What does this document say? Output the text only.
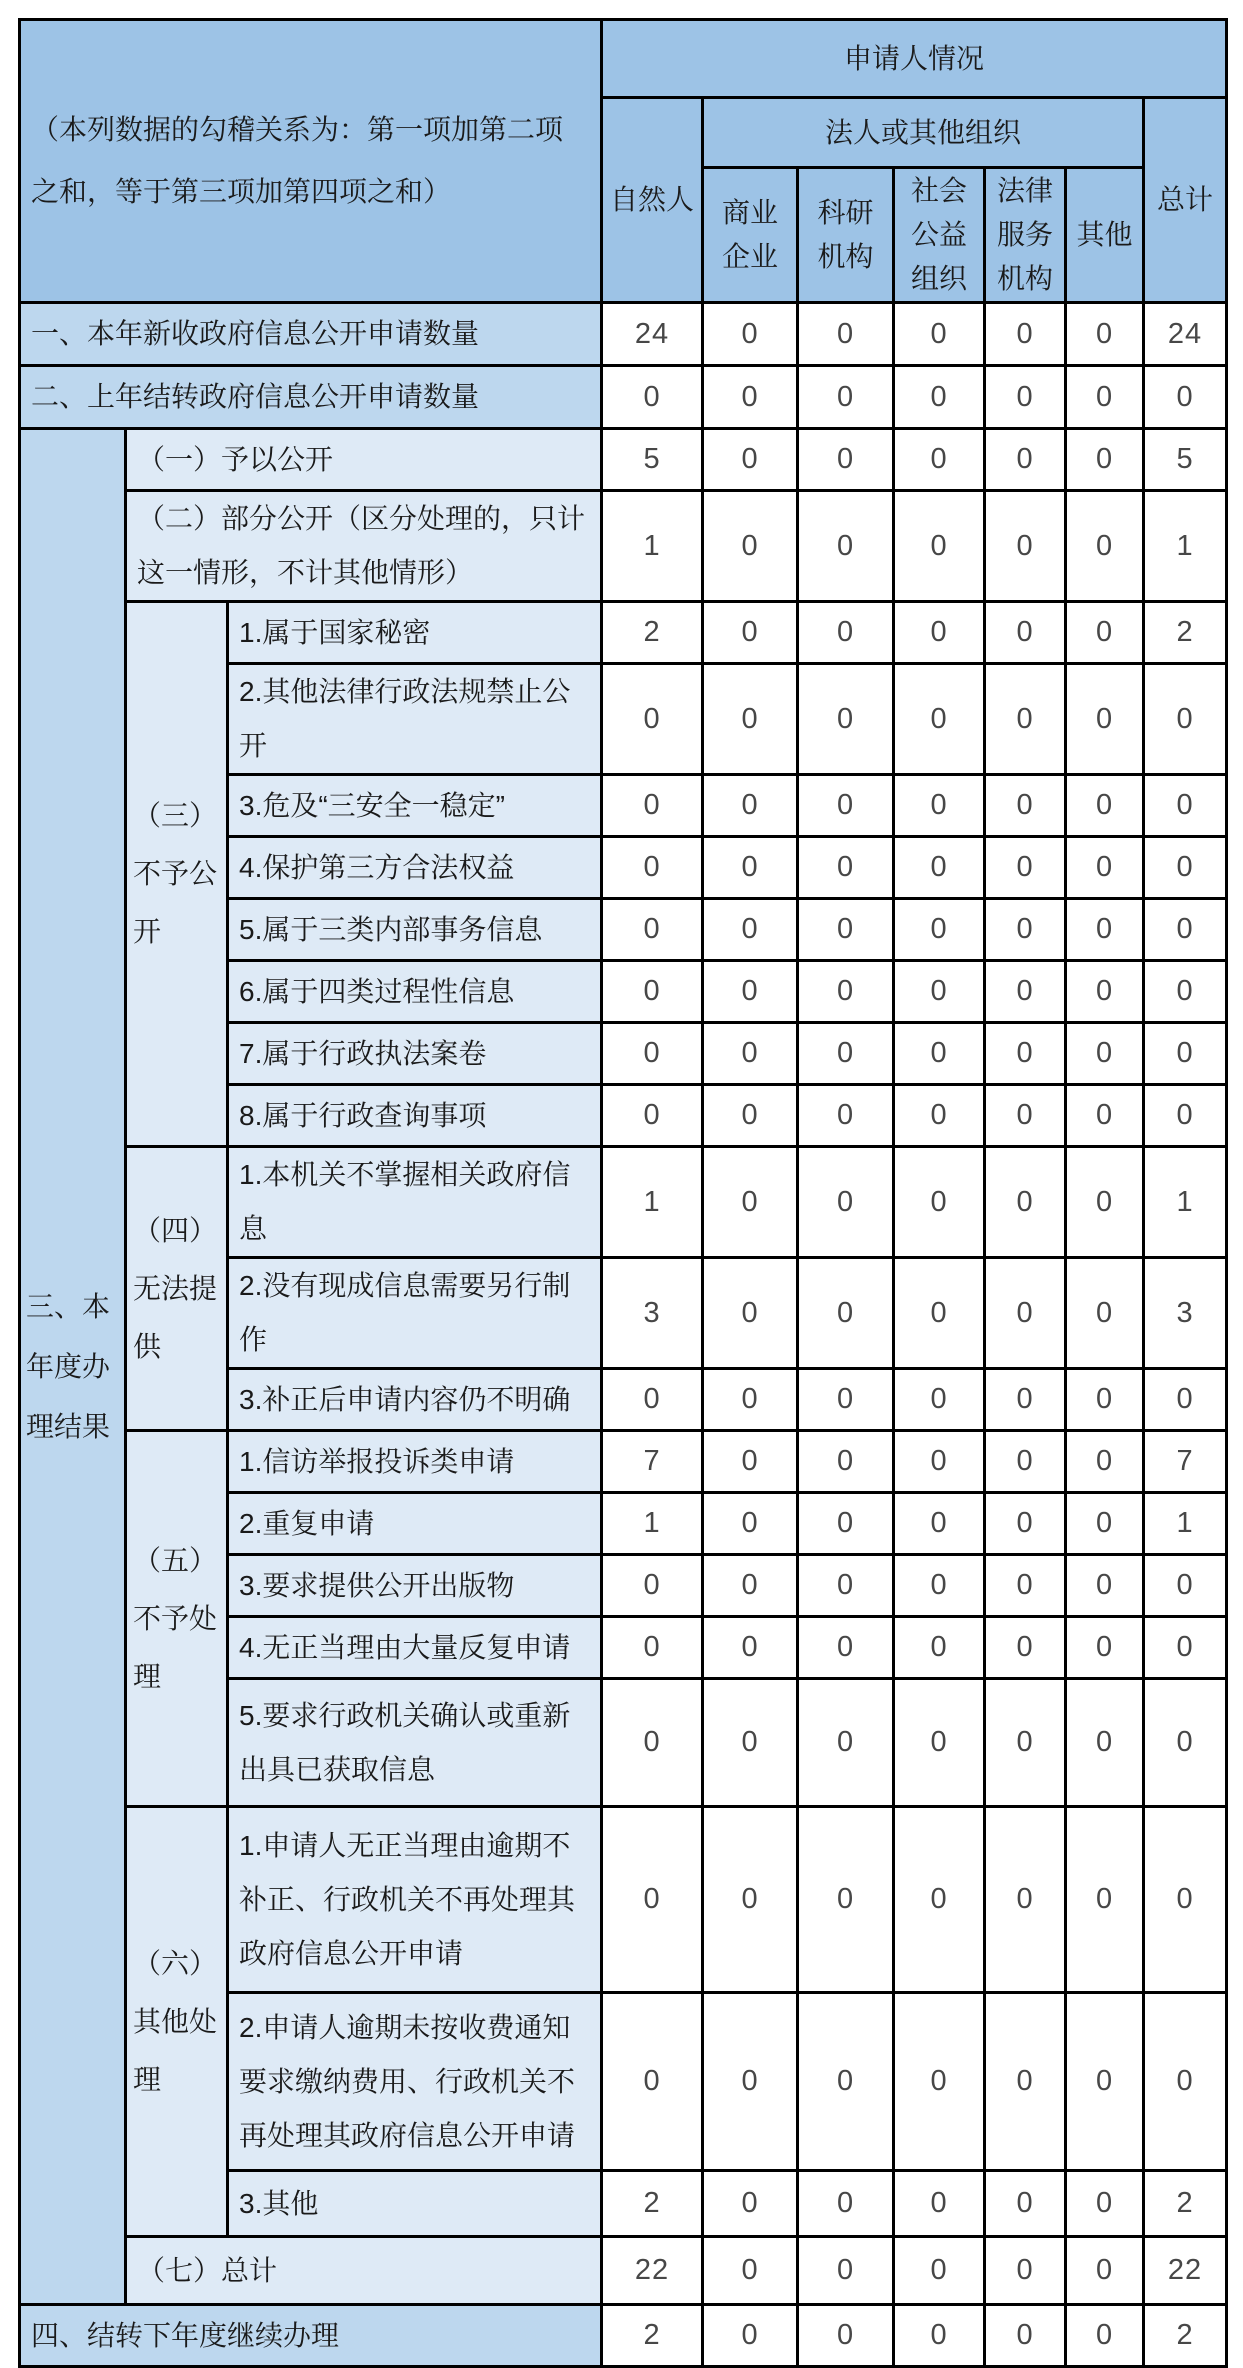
（本列数据的勾稽关系为：第一项加第二项之和，等于第三项加第四项之和）			申请人情况						
			自然人	法人或其他组织					总计
				商业企业	科研机构	社会公益组织	法律服务机构	其他	
一、本年新收政府信息公开申请数量			24	0	0	0	0	0	24
二、上年结转政府信息公开申请数量			0	0	0	0	0	0	0
三、本年度办理结果	（一）予以公开		5	0	0	0	0	0	5
	（二）部分公开（区分处理的，只计这一情形，不计其他情形）		1	0	0	0	0	0	1
	（三）不予公开	1.属于国家秘密	2	0	0	0	0	0	2
		2.其他法律行政法规禁止公开	0	0	0	0	0	0	0
		3.危及“三安全一稳定”	0	0	0	0	0	0	0
		4.保护第三方合法权益	0	0	0	0	0	0	0
		5.属于三类内部事务信息	0	0	0	0	0	0	0
		6.属于四类过程性信息	0	0	0	0	0	0	0
		7.属于行政执法案卷	0	0	0	0	0	0	0
		8.属于行政查询事项	0	0	0	0	0	0	0
	（四）无法提供	1.本机关不掌握相关政府信息	1	0	0	0	0	0	1
		2.没有现成信息需要另行制作	3	0	0	0	0	0	3
		3.补正后申请内容仍不明确	0	0	0	0	0	0	0
	（五）不予处理	1.信访举报投诉类申请	7	0	0	0	0	0	7
		2.重复申请	1	0	0	0	0	0	1
		3.要求提供公开出版物	0	0	0	0	0	0	0
		4.无正当理由大量反复申请	0	0	0	0	0	0	0
		5.要求行政机关确认或重新出具已获取信息	0	0	0	0	0	0	0
	（六）其他处理	1.申请人无正当理由逾期不补正、行政机关不再处理其政府信息公开申请	0	0	0	0	0	0	0
		2.申请人逾期未按收费通知要求缴纳费用、行政机关不再处理其政府信息公开申请	0	0	0	0	0	0	0
		3.其他	2	0	0	0	0	0	2
	（七）总计		22	0	0	0	0	0	22
四、结转下年度继续办理			2	0	0	0	0	0	2
